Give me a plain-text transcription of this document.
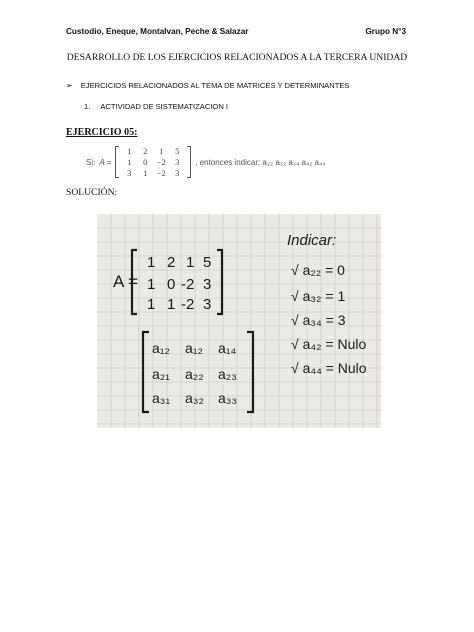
Custodio, Eneque, Montalvan, Peche & Salazar	Grupo N°3
DESARROLLO DE LOS EJERCICIOS RELACIONADOS A LA TERCERA UNIDAD
➢ EJERCICIOS RELACIONADOS AL TEMA DE MATRICES Y DETERMINANTES
1. ACTIVIDAD DE SISTEMATIZACION I
EJERCICIO 05:
Si: A =
1	2	1	5
1	0	−2	3
3	1	−2	3
, entonces indicar: a₂₂ a₃₂ a₃₄ a₄₂ a₄₄
SOLUCIÓN:
A =
1 2 1 5
1 0 -2 3
1 1 -2 3
a₁₂ a₁₂ a₁₄
a₂₁ a₂₂ a₂₃
a₃₁ a₃₂ a₃₃
Indicar:
√ a₂₂ = 0
√ a₃₂ = 1
√ a₃₄ = 3
√ a₄₂ = Nulo
√ a₄₄ = Nulo
